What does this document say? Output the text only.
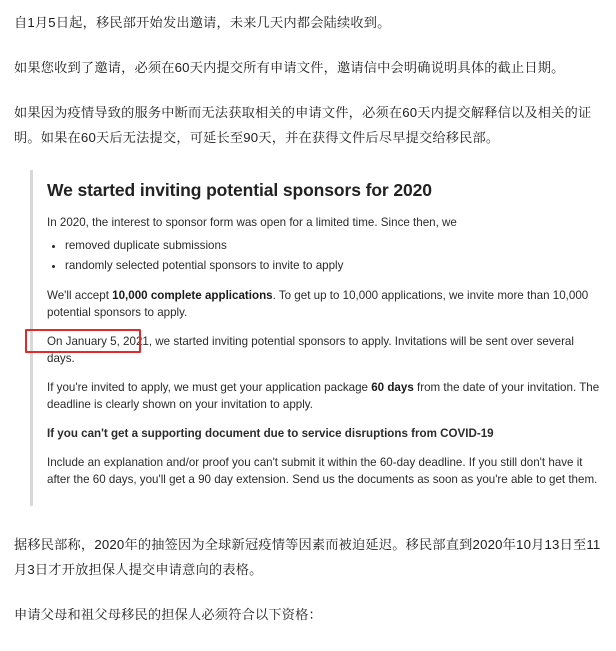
自1月5日起，移民部开始发出邀请，未来几天内都会陆续收到。

如果您收到了邀请，必须在60天内提交所有申请文件，邀请信中会明确说明具体的截止日期。

如果因为疫情导致的服务中断而无法获取相关的申请文件，必须在60天内提交解释信以及相关的证明。如果在60天后无法提交，可延长至90天，并在获得文件后尽早提交给移民部。

We started inviting potential sponsors for 2020

In 2020, the interest to sponsor form was open for a limited time. Since then, we

• removed duplicate submissions
• randomly selected potential sponsors to invite to apply

We'll accept 10,000 complete applications. To get up to 10,000 applications, we invite more than 10,000 potential sponsors to apply.

On January 5, 2021, we started inviting potential sponsors to apply. Invitations will be sent over several days.

If you're invited to apply, we must get your application package 60 days from the date of your invitation. The deadline is clearly shown on your invitation to apply.

If you can't get a supporting document due to service disruptions from COVID-19

Include an explanation and/or proof you can't submit it within the 60-day deadline. If you still don't have it after the 60 days, you'll get a 90 day extension. Send us the documents as soon as you're able to get them.

据移民部称，2020年的抽签因为全球新冠疫情等因素而被迫延迟。移民部直到2020年10月13日至11月3日才开放担保人提交申请意向的表格。

申请父母和祖父母移民的担保人必须符合以下资格：
